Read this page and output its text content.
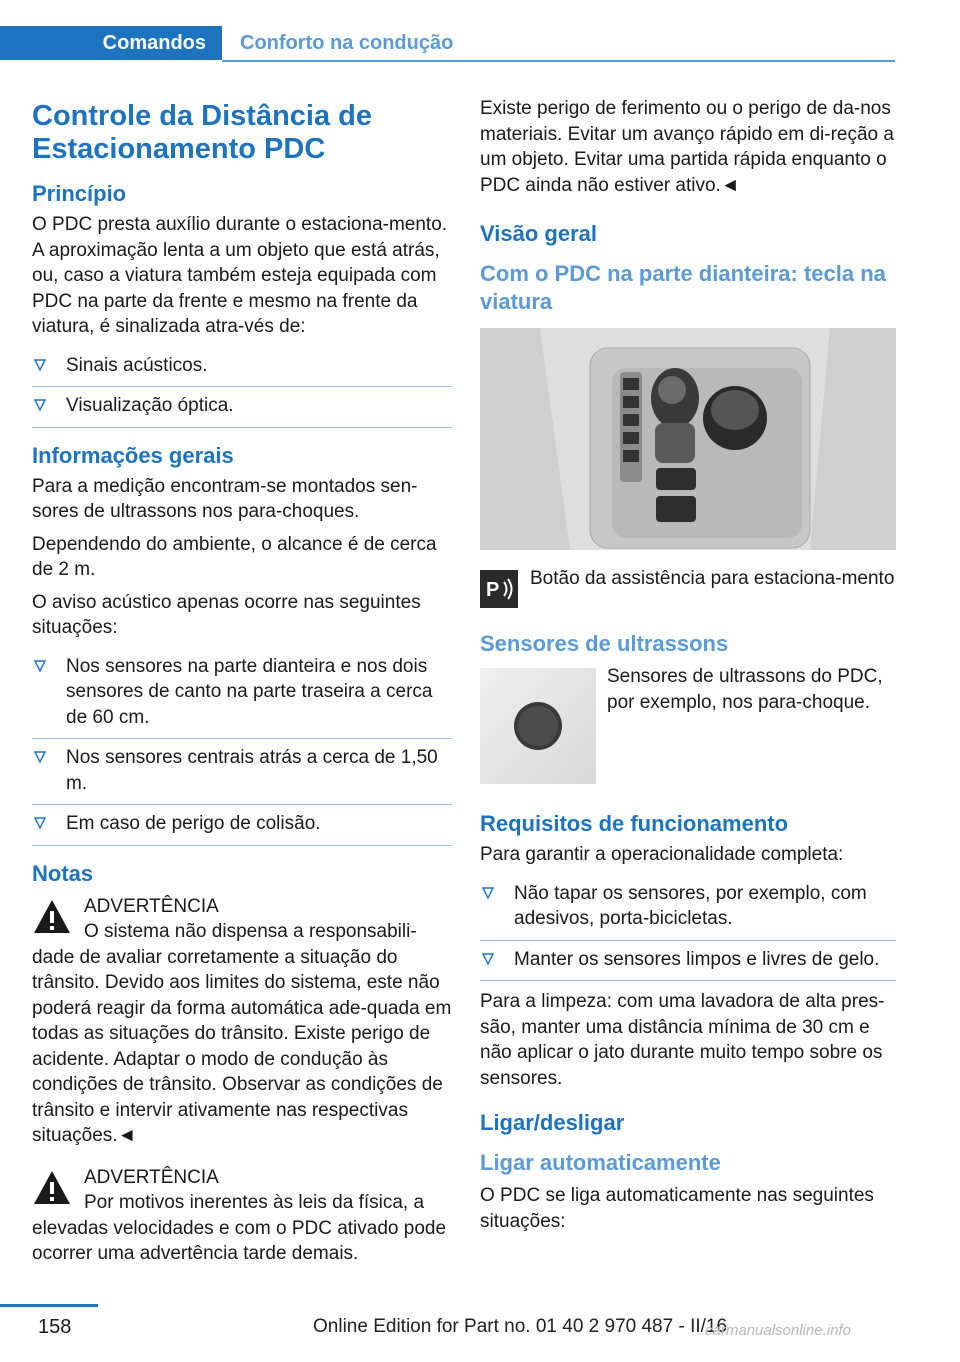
Comandos	Conforto na condução
Controle da Distância de Estacionamento PDC
Princípio

O PDC presta auxílio durante o estaciona-mento. A aproximação lenta a um objeto que está atrás, ou, caso a viatura também esteja equipada com PDC na parte da frente e mesmo na frente da viatura, é sinalizada atra-vés de:

Sinais acústicos.
Visualização óptica.
Informações gerais

Para a medição encontram-se montados sen-sores de ultrassons nos para-choques.

Dependendo do ambiente, o alcance é de cerca de 2 m.

O aviso acústico apenas ocorre nas seguintes situações:

Nos sensores na parte dianteira e nos dois sensores de canto na parte traseira a cerca de 60 cm.
Nos sensores centrais atrás a cerca de 1,50 m.
Em caso de perigo de colisão.
Notas
ADVERTÊNCIA
O sistema não dispensa a responsabili-
dade de avaliar corretamente a situação do trânsito. Devido aos limites do sistema, este não poderá reagir da forma automática ade-quada em todas as situações do trânsito. Existe perigo de acidente. Adaptar o modo de condução às condições de trânsito. Observar as condições de trânsito e intervir ativamente nas respectivas situações.◄
ADVERTÊNCIA
Por motivos inerentes às leis da física, a
elevadas velocidades e com o PDC ativado pode ocorrer uma advertência tarde demais.

Existe perigo de ferimento ou o perigo de da-nos materiais. Evitar um avanço rápido em di-reção a um objeto. Evitar uma partida rápida enquanto o PDC ainda não estiver ativo.◄

Visão geral
Com o PDC na parte dianteira: tecla na viatura
P

Botão da assistência para estaciona-mento

Sensores de ultrassons

Sensores de ultrassons do PDC, por exemplo, nos para-choque.

Requisitos de funcionamento

Para garantir a operacionalidade completa:

Não tapar os sensores, por exemplo, com adesivos, porta-bicicletas.
Manter os sensores limpos e livres de gelo.

Para a limpeza: com uma lavadora de alta pres-são, manter uma distância mínima de 30 cm e não aplicar o jato durante muito tempo sobre os sensores.

Ligar/desligar
Ligar automaticamente

O PDC se liga automaticamente nas seguintes situações:

158	Online Edition for Part no. 01 40 2 970 487 - II/16
carmanualsonline.info
